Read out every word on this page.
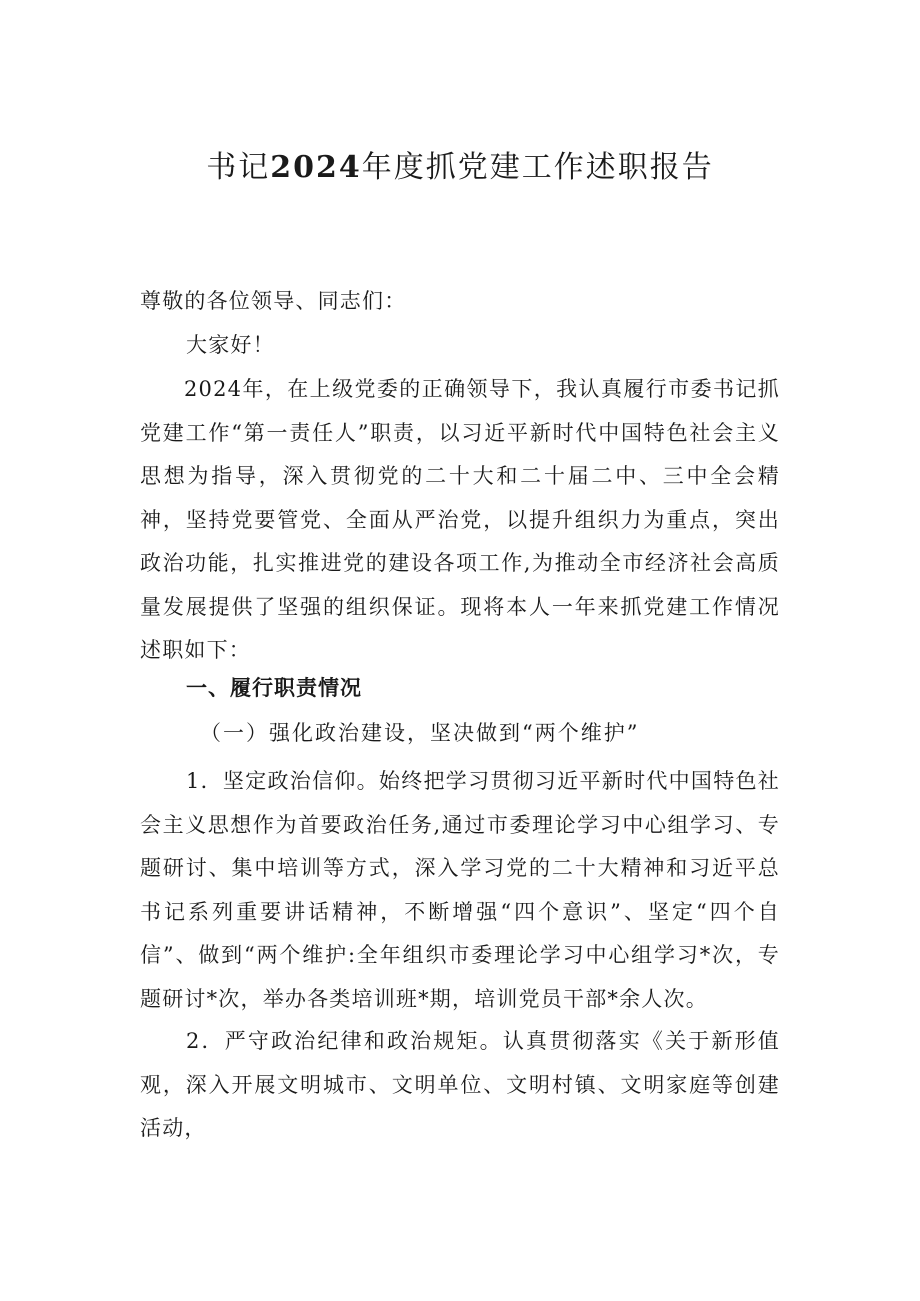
书记2024年度抓党建工作述职报告
尊敬的各位领导、同志们：
大家好！
2024年，在上级党委的正确领导下，我认真履行市委书记抓党建工作“第一责任人”职责，以习近平新时代中国特色社会主义思想为指导，深入贯彻党的二十大和二十届二中、三中全会精神，坚持党要管党、全面从严治党，以提升组织力为重点，突出政治功能，扎实推进党的建设各项工作,为推动全市经济社会高质量发展提供了坚强的组织保证。现将本人一年来抓党建工作情况述职如下：
一、履行职责情况
（一）强化政治建设，坚决做到“两个维护”
1．坚定政治信仰。始终把学习贯彻习近平新时代中国特色社会主义思想作为首要政治任务,通过市委理论学习中心组学习、专题研讨、集中培训等方式，深入学习党的二十大精神和习近平总书记系列重要讲话精神，不断增强“四个意识”、坚定“四个自信”、做到“两个维护:全年组织市委理论学习中心组学习*次，专题研讨*次，举办各类培训班*期，培训党员干部*余人次。
2．严守政治纪律和政治规矩。认真贯彻落实《关于新形值观，深入开展文明城市、文明单位、文明村镇、文明家庭等创建活动，
